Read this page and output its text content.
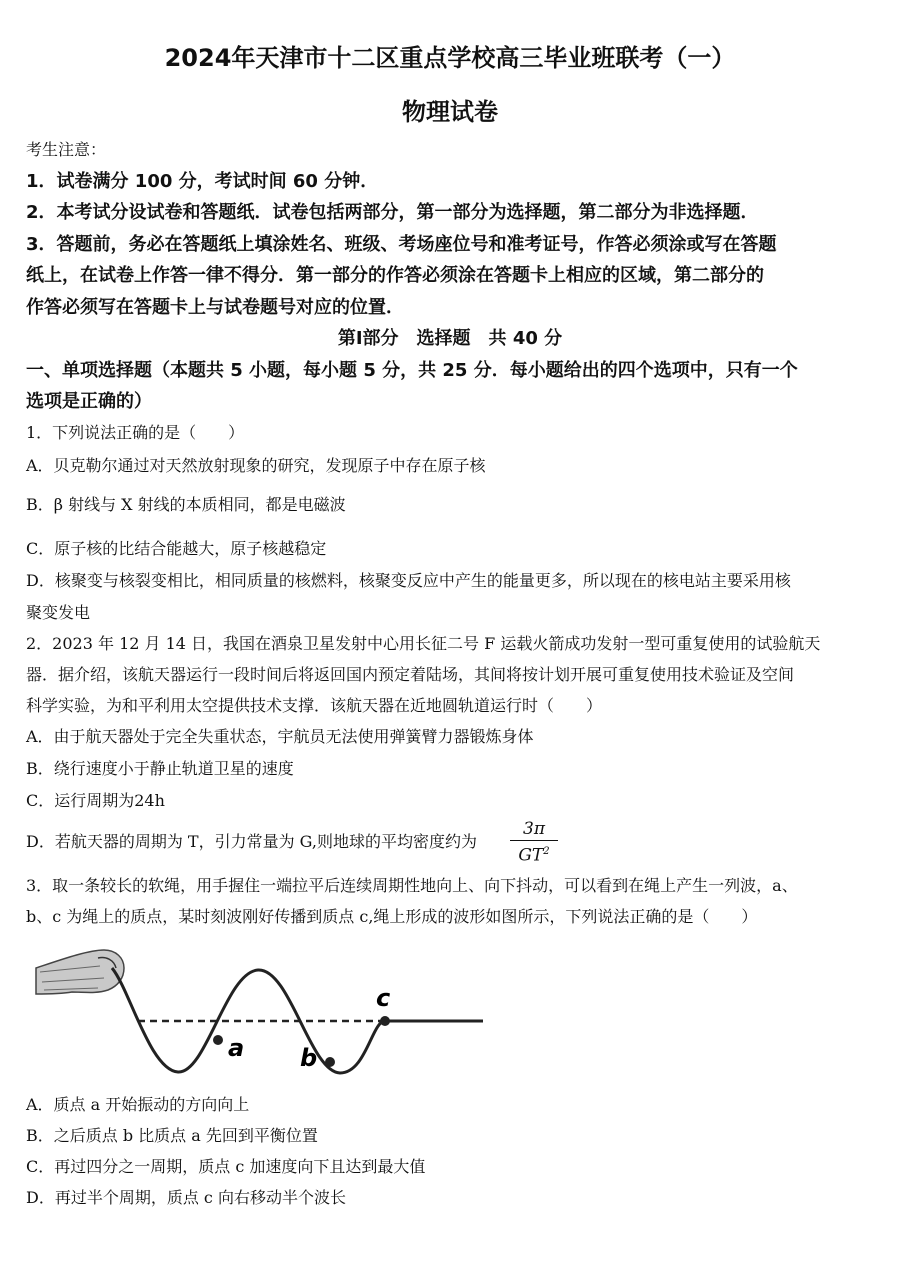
2024年天津市十二区重点学校高三毕业班联考（一）
物理试卷
考生注意：
1．试卷满分 100 分，考试时间 60 分钟．
2．本考试分设试卷和答题纸．试卷包括两部分，第一部分为选择题，第二部分为非选择题．
3．答题前，务必在答题纸上填涂姓名、班级、考场座位号和准考证号，作答必须涂或写在答题
纸上，在试卷上作答一律不得分．第一部分的作答必须涂在答题卡上相应的区域，第二部分的
作答必须写在答题卡上与试卷题号对应的位置．
第Ⅰ部分　选择题　共 40 分
一、单项选择题（本题共 5 小题，每小题 5 分，共 25 分．每小题给出的四个选项中，只有一个
选项是正确的）
1．下列说法正确的是（　　）
A．贝克勒尔通过对天然放射现象的研究，发现原子中存在原子核
B．β 射线与 X 射线的本质相同，都是电磁波
C．原子核的比结合能越大，原子核越稳定
D．核聚变与核裂变相比，相同质量的核燃料，核聚变反应中产生的能量更多，所以现在的核电站主要采用核
聚变发电
2．2023 年 12 月 14 日，我国在酒泉卫星发射中心用长征二号 F 运载火箭成功发射一型可重复使用的试验航天
器．据介绍，该航天器运行一段时间后将返回国内预定着陆场，其间将按计划开展可重复使用技术验证及空间
科学实验，为和平利用太空提供技术支撑．该航天器在近地圆轨道运行时（　　）
A．由于航天器处于完全失重状态，宇航员无法使用弹簧臂力器锻炼身体
B．绕行速度小于静止轨道卫星的速度
C．运行周期为24h
D．若航天器的周期为 T，引力常量为 G,则地球的平均密度约为
3π
$GT^2$
3．取一条较长的软绳，用手握住一端拉平后连续周期性地向上、向下抖动，可以看到在绳上产生一列波，a、
b、c 为绳上的质点，某时刻波刚好传播到质点 c,绳上形成的波形如图所示，下列说法正确的是（　　）
a b
c
A．质点 a 开始振动的方向向上
B．之后质点 b 比质点 a 先回到平衡位置
C．再过四分之一周期，质点 c 加速度向下且达到最大值
D．再过半个周期，质点 c 向右移动半个波长
